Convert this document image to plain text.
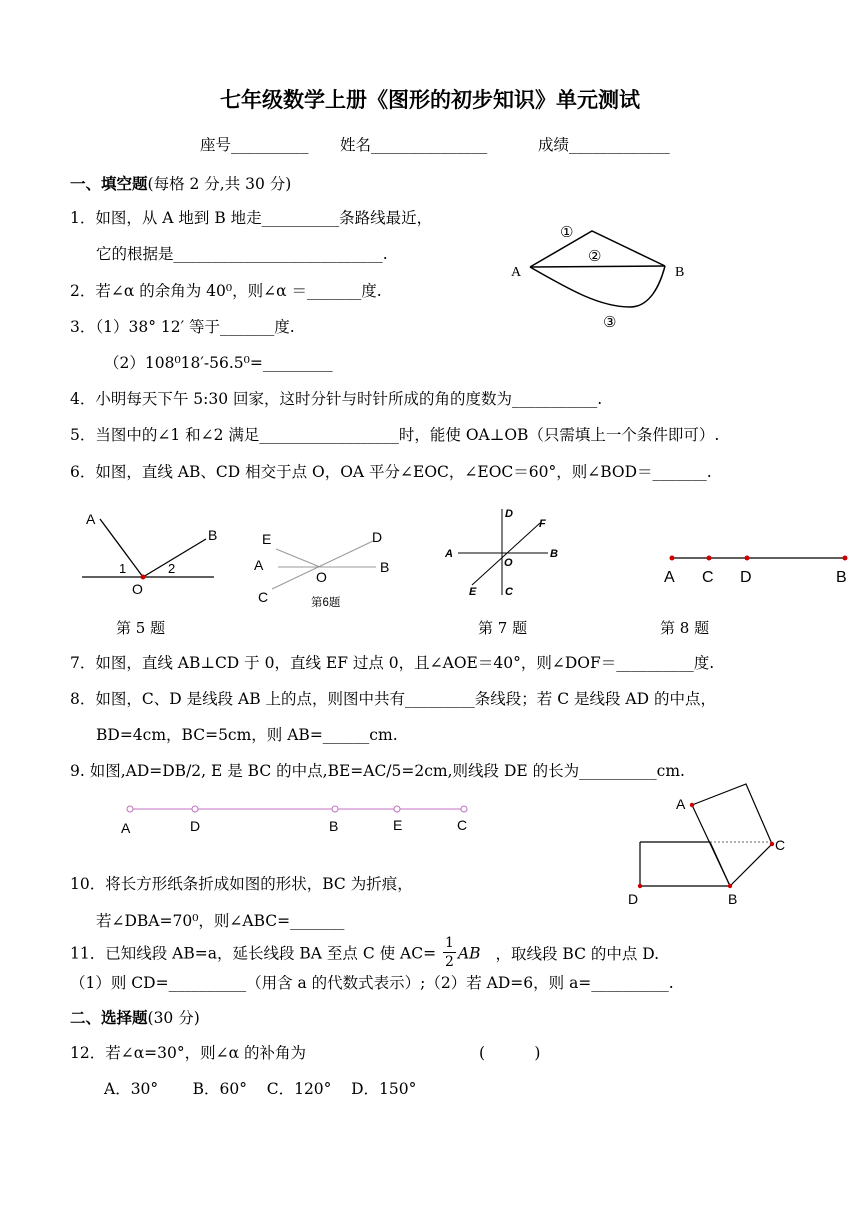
七年级数学上册《图形的初步知识》单元测试
座号__________ 姓名_______________	成绩_____________
一、填空题(每格 2 分,共 30 分)
1．如图，从 A 地到 B 地走__________条路线最近，
它的根据是___________________________.
2．若∠α 的余角为 40⁰，则∠α ＝_______度.
3．（1）38° 12′ 等于_______度.
（2）108⁰18′-56.5⁰=_________
4．小明每天下午 5:30 回家，这时分针与时针所成的角的度数为___________.
5．当图中的∠1 和∠2 满足__________________时，能使 OA⊥OB（只需填上一个条件即可）.
6．如图，直线 AB、CD 相交于点 O，OA 平分∠EOC，∠EOC＝60°，则∠BOD＝_______.
①
②
③
A	B
A
B
O
1	2
第 5 题
E	D
A
O
B
C	第6题
D
F
A	B
O
E	C
第 7 题
A C D	B
第 8 题
7．如图，直线 AB⊥CD 于 0，直线 EF 过点 0，且∠AOE＝40°，则∠DOF＝__________度.
8．如图，C、D 是线段 AB 上的点，则图中共有_________条线段；若 C 是线段 AD 的中点，
BD=4cm，BC=5cm，则 AB=______cm.
9. 如图,AD=DB/2, E 是 BC 的中点,BE=AC/5=2cm,则线段 DE 的长为__________cm.
A	D	B	E	C
A
C
D	B
10．将长方形纸条折成如图的形状，BC 为折痕，
若∠DBA=70⁰，则∠ABC=_______
11．已知线段 AB=a，延长线段 BA 至点 C 使 $AC= \frac{1}{2}$ AB ，取线段 BC 的中点 D.
（1）则 CD=__________（用含 a 的代数式表示）;（2）若 AD=6，则 a=__________.
二、选择题(30 分)
12．若∠α=30°，则∠α 的补角为	(          )
A．30°       B．60°    C．120°    D．150°
